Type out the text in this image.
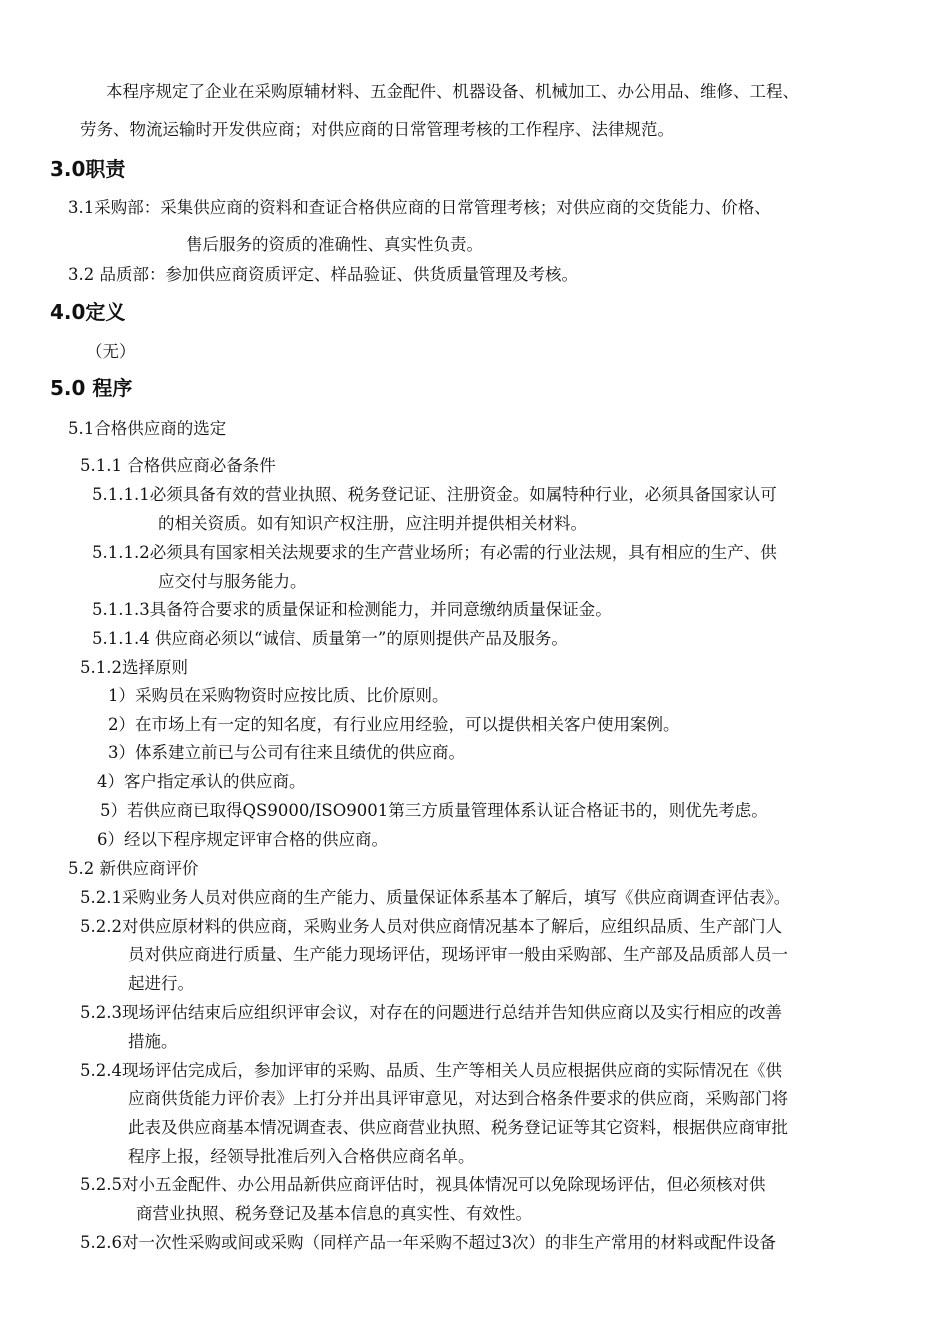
本程序规定了企业在采购原辅材料、五金配件、机器设备、机械加工、办公用品、维修、工程、
劳务、物流运输时开发供应商；对供应商的日常管理考核的工作程序、法律规范。
3.0职责
3.1采购部：采集供应商的资料和查证合格供应商的日常管理考核；对供应商的交货能力、价格、
售后服务的资质的准确性、真实性负责。
3.2 品质部：参加供应商资质评定、样品验证、供货质量管理及考核。
4.0定义
（无）
5.0 程序
5.1合格供应商的选定
5.1.1 合格供应商必备条件
5.1.1.1必须具备有效的营业执照、税务登记证、注册资金。如属特种行业，必须具备国家认可
的相关资质。如有知识产权注册，应注明并提供相关材料。
5.1.1.2必须具有国家相关法规要求的生产营业场所；有必需的行业法规，具有相应的生产、供
应交付与服务能力。
5.1.1.3具备符合要求的质量保证和检测能力，并同意缴纳质量保证金。
5.1.1.4 供应商必须以“诚信、质量第一”的原则提供产品及服务。
5.1.2选择原则
1）采购员在采购物资时应按比质、比价原则。
2）在市场上有一定的知名度，有行业应用经验，可以提供相关客户使用案例。
3）体系建立前已与公司有往来且绩优的供应商。
4）客户指定承认的供应商。
5）若供应商已取得QS9000/ISO9001第三方质量管理体系认证合格证书的，则优先考虑。
6）经以下程序规定评审合格的供应商。
5.2 新供应商评价
5.2.1采购业务人员对供应商的生产能力、质量保证体系基本了解后，填写《供应商调查评估表》。
5.2.2对供应原材料的供应商，采购业务人员对供应商情况基本了解后，应组织品质、生产部门人
员对供应商进行质量、生产能力现场评估，现场评审一般由采购部、生产部及品质部人员一
起进行。
5.2.3现场评估结束后应组织评审会议，对存在的问题进行总结并告知供应商以及实行相应的改善
措施。
5.2.4现场评估完成后，参加评审的采购、品质、生产等相关人员应根据供应商的实际情况在《供
应商供货能力评价表》上打分并出具评审意见，对达到合格条件要求的供应商，采购部门将
此表及供应商基本情况调查表、供应商营业执照、税务登记证等其它资料，根据供应商审批
程序上报，经领导批准后列入合格供应商名单。
5.2.5对小五金配件、办公用品新供应商评估时，视具体情况可以免除现场评估，但必须核对供
商营业执照、税务登记及基本信息的真实性、有效性。
5.2.6对一次性采购或间或采购（同样产品一年采购不超过3次）的非生产常用的材料或配件设备
